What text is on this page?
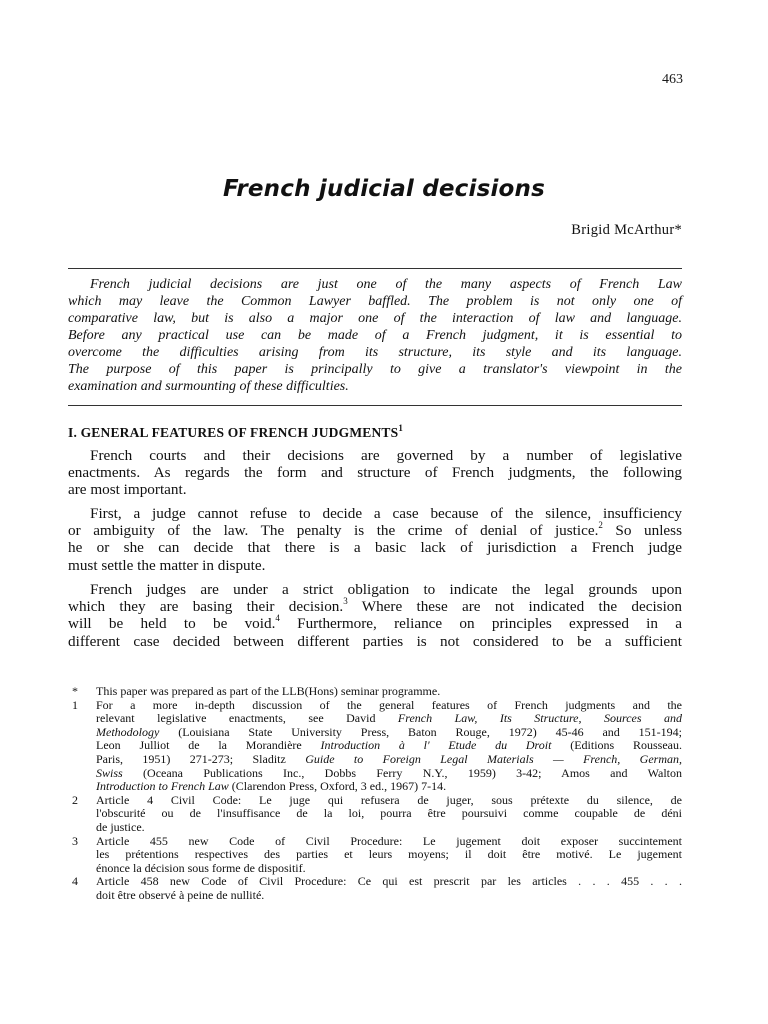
463
French judicial decisions
Brigid McArthur*
French judicial decisions are just one of the many aspects of French Law
which may leave the Common Lawyer baffled. The problem is not only one of
comparative law, but is also a major one of the interaction of law and language.
Before any practical use can be made of a French judgment, it is essential to
overcome the difficulties arising from its structure, its style and its language.
The purpose of this paper is principally to give a translator's viewpoint in the
examination and surmounting of these difficulties.
I. GENERAL FEATURES OF FRENCH JUDGMENTS$^1$
French courts and their decisions are governed by a number of legislative
enactments. As regards the form and structure of French judgments, the following
are most important.
First, a judge cannot refuse to decide a case because of the silence, insufficiency
or ambiguity of the law. The penalty is the crime of denial of justice.$^2$ So unless
he or she can decide that there is a basic lack of jurisdiction a French judge
must settle the matter in dispute.
French judges are under a strict obligation to indicate the legal grounds upon
which they are basing their decision.$^3$ Where these are not indicated the decision
will be held to be void.$^4$ Furthermore, reliance on principles expressed in a
different case decided between different parties is not considered to be a sufficient
*	This paper was prepared as part of the LLB(Hons) seminar programme.
1	For a more in-depth discussion of the general features of French judgments and the
relevant legislative enactments, see David French Law, Its Structure, Sources and
Methodology (Louisiana State University Press, Baton Rouge, 1972) 45-46 and 151-194;
Leon Julliot de la Morandière Introduction à l' Etude du Droit (Editions Rousseau.
Paris, 1951) 271-273; Sladitz Guide to Foreign Legal Materials — French, German,
Swiss (Oceana Publications Inc., Dobbs Ferry N.Y., 1959) 3-42; Amos and Walton
Introduction to French Law (Clarendon Press, Oxford, 3 ed., 1967) 7-14.
2	Article 4 Civil Code: Le juge qui refusera de juger, sous prétexte du silence, de
l'obscurité ou de l'insuffisance de la loi, pourra être poursuivi comme coupable de déni
de justice.
3	Article 455 new Code of Civil Procedure: Le jugement doit exposer succintement
les prétentions respectives des parties et leurs moyens; il doit être motivé. Le jugement
énonce la décision sous forme de dispositif.
4	Article 458 new Code of Civil Procedure: Ce qui est prescrit par les articles . . . 455 . . .
doit être observé à peine de nullité.
